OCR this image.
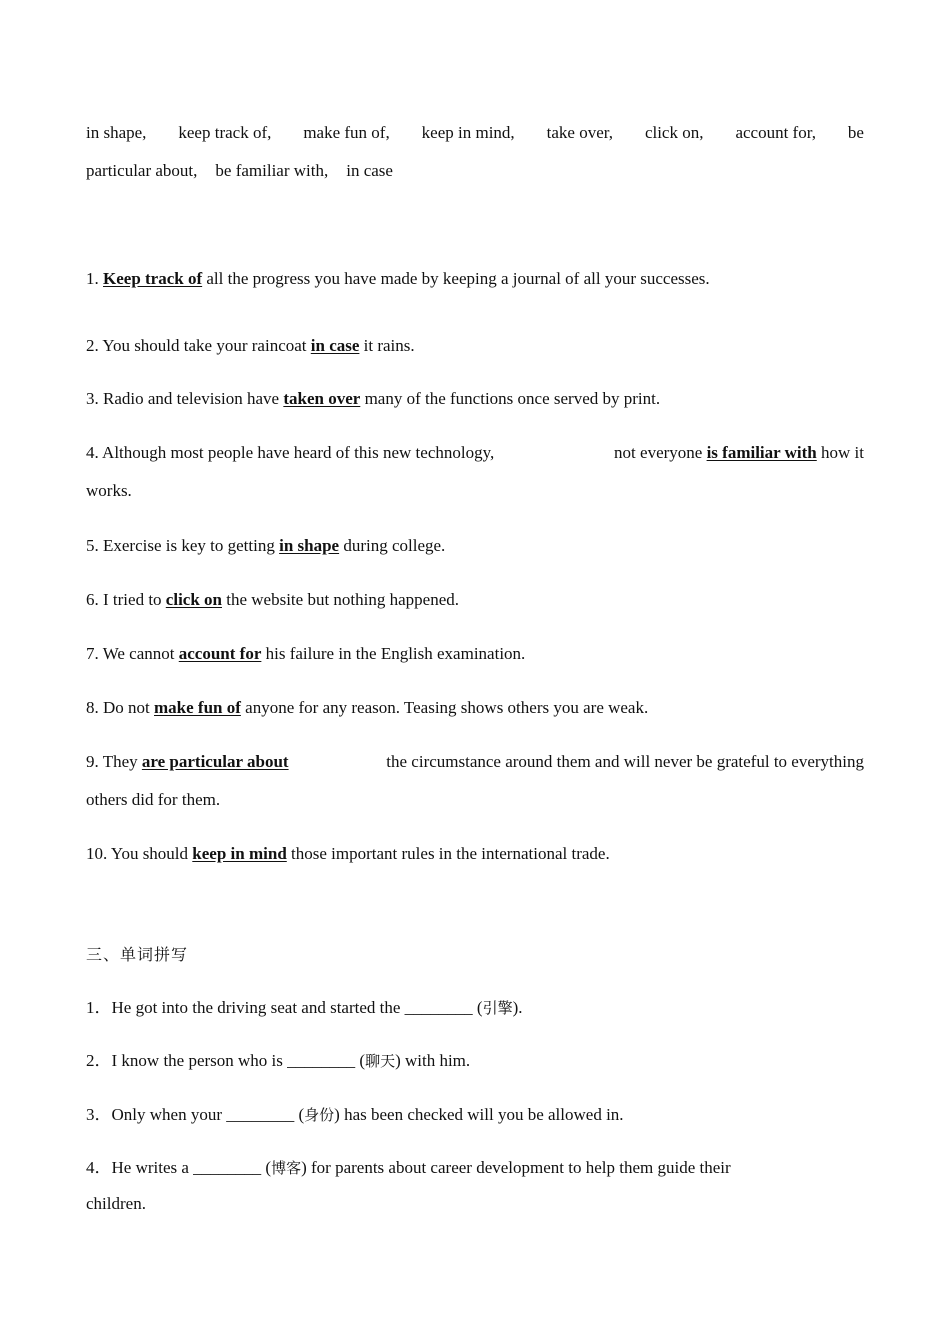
in shape, keep track of, make fun of, keep in mind, take over, click on, account for, be
particular about, be familiar with, in case
1. Keep track of all the progress you have made by keeping a journal of all your successes.
2. You should take your raincoat in case it rains.
3. Radio and television have taken over many of the functions once served by print.
4. Although most people have heard of this new technology,	not everyone is familiar with how it
works.
5. Exercise is key to getting in shape during college.
6. I tried to click on the website but nothing happened.
7. We cannot account for his failure in the English examination.
8. Do not make fun of anyone for any reason. Teasing shows others you are weak.
9. They are particular about	the circumstance around them and will never be grateful to everything
others did for them.
10. You should keep in mind those important rules in the international trade.
三、单词拼写
1．He got into the driving seat and started the ________ (引擎).
2．I know the person who is ________ (聊天) with him.
3．Only when your ________ (身份) has been checked will you be allowed in.
4．He writes a ________ (博客) for parents about career development to help them guide their
children.
